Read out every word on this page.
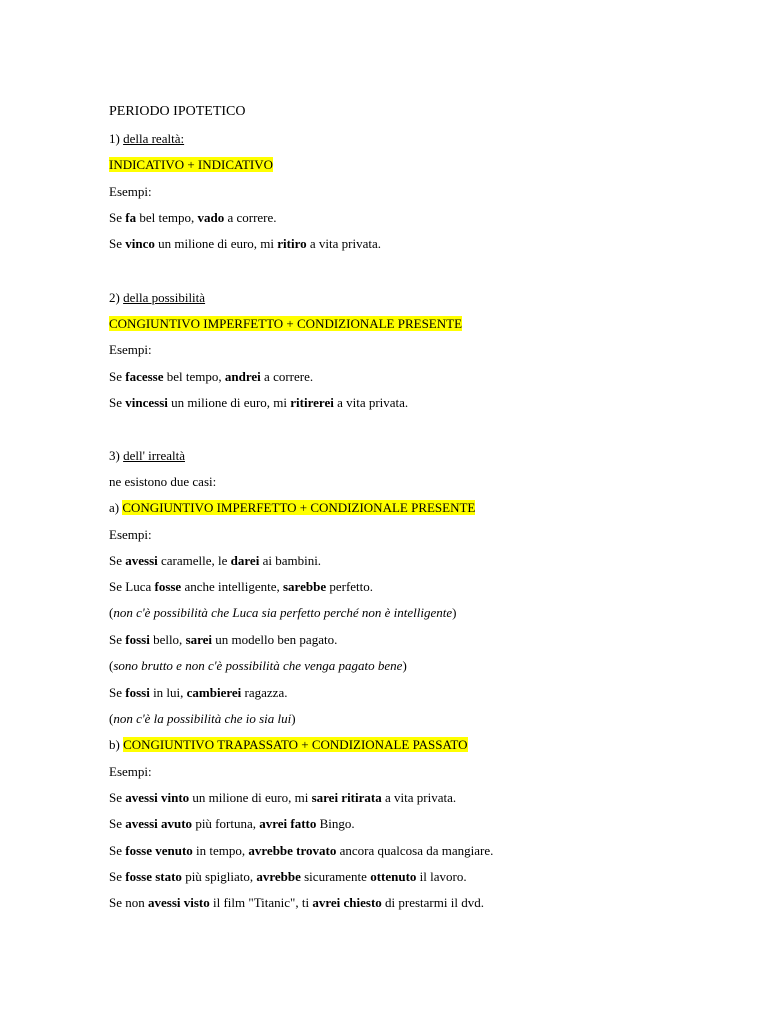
PERIODO IPOTETICO
1) della realtà:
INDICATIVO + INDICATIVO
Esempi:
Se fa bel tempo, vado a correre.
Se vinco un milione di euro, mi ritiro a vita privata.
2) della possibilità
CONGIUNTIVO IMPERFETTO + CONDIZIONALE PRESENTE
Esempi:
Se facesse bel tempo, andrei a correre.
Se vincessi un milione di euro, mi ritirerei a vita privata.
3) dell' irrealtà
ne esistono due casi:
a) CONGIUNTIVO IMPERFETTO + CONDIZIONALE PRESENTE
Esempi:
Se avessi caramelle, le darei ai bambini.
Se Luca fosse anche intelligente, sarebbe perfetto.
(non c'è possibilità che Luca sia perfetto perché non è intelligente)
Se fossi bello, sarei un modello ben pagato.
(sono brutto e non c'è possibilità che venga pagato bene)
Se fossi in lui, cambierei ragazza.
(non c'è la possibilità che io sia lui)
b) CONGIUNTIVO TRAPASSATO + CONDIZIONALE PASSATO
Esempi:
Se avessi vinto un milione di euro, mi sarei ritirata a vita privata.
Se avessi avuto più fortuna, avrei fatto Bingo.
Se fosse venuto in tempo, avrebbe trovato ancora qualcosa da mangiare.
Se fosse stato più spigliato, avrebbe sicuramente ottenuto il lavoro.
Se non avessi visto il film "Titanic", ti avrei chiesto di prestarmi il dvd.
